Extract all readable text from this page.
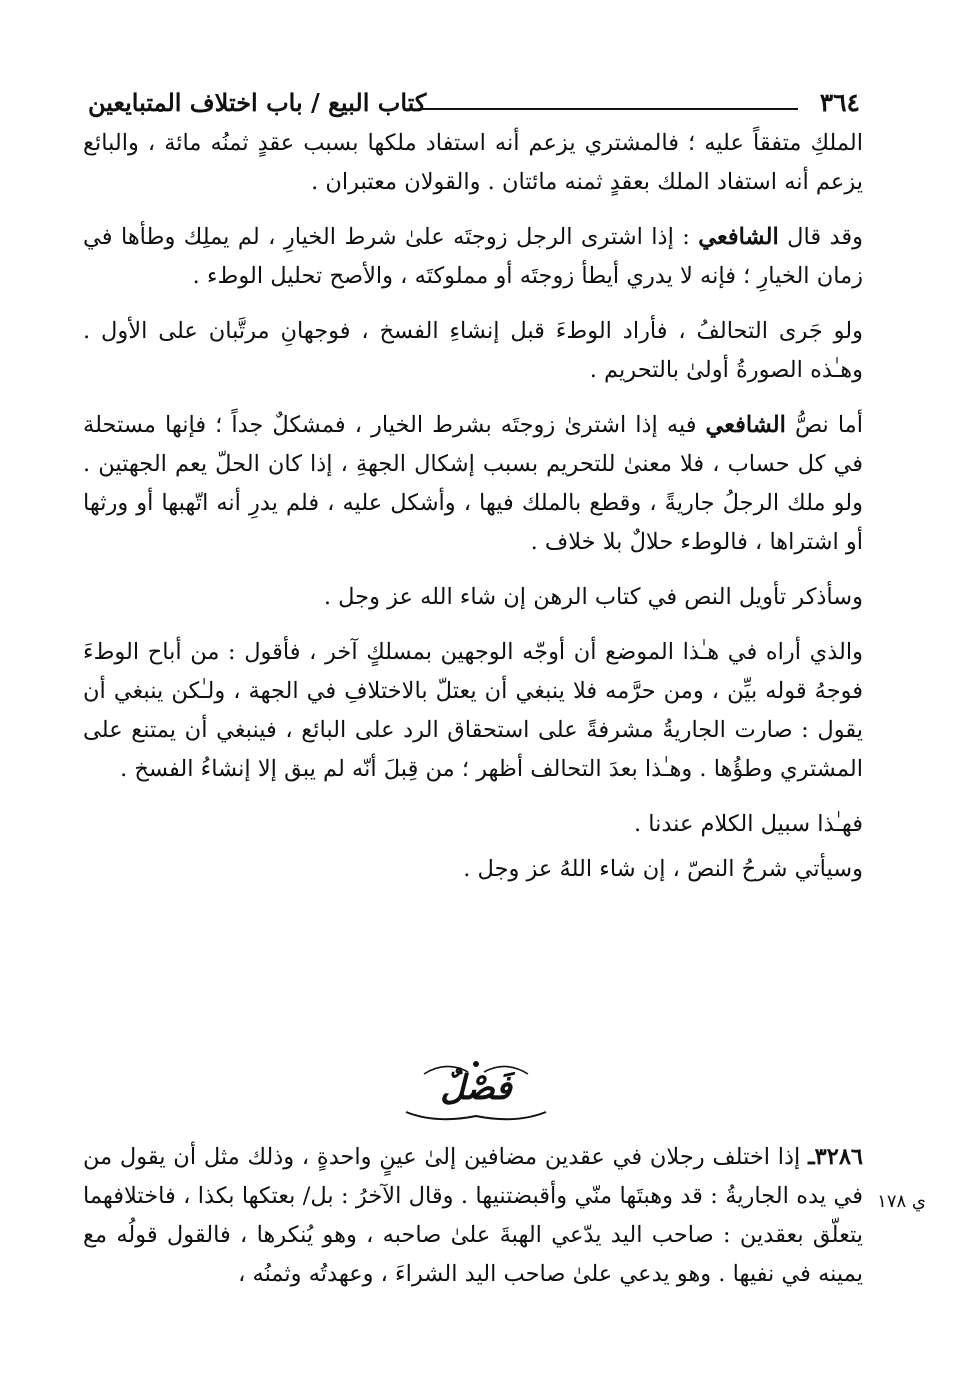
٣٦٤
كتاب البيع / باب اختلاف المتبايعين

الملكِ متفقاً عليه ؛ فالمشتري يزعم أنه استفاد ملكها بسبب عقدٍ ثمنُه مائة ، والبائع يزعم أنه استفاد الملك بعقدٍ ثمنه مائتان . والقولان معتبران .

وقد قال الشافعي : إذا اشترى الرجل زوجتَه علىٰ شرط الخيارِ ، لم يملِك وطأها في زمان الخيارِ ؛ فإنه لا يدري أيطأ زوجتَه أو مملوكتَه ، والأصح تحليل الوطء .

ولو جَرى التحالفُ ، فأراد الوطءَ قبل إنشاءِ الفسخ ، فوجهانِ مرتَّبان على الأول . وهـٰذه الصورةُ أولىٰ بالتحريم .

أما نصُّ الشافعي فيه إذا اشترىٰ زوجتَه بشرط الخيار ، فمشكلٌ جداً ؛ فإنها مستحلة في كل حساب ، فلا معنىٰ للتحريم بسبب إشكال الجهةِ ، إذا كان الحلّ يعم الجهتين . ولو ملك الرجلُ جاريةً ، وقطع بالملك فيها ، وأشكل عليه ، فلم يدرِ أنه اتّهبها أو ورثها أو اشتراها ، فالوطء حلالٌ بلا خلاف .

وسأذكر تأويل النص في كتاب الرهن إن شاء الله عز وجل .

والذي أراه في هـٰذا الموضع أن أوجّه الوجهين بمسلكٍ آخر ، فأقول : من أباح الوطءَ فوجهُ قوله بيِّن ، ومن حرَّمه فلا ينبغي أن يعتلّ بالاختلافِ في الجهة ، ولـٰكن ينبغي أن يقول : صارت الجاريةُ مشرفةً على استحقاق الرد على البائع ، فينبغي أن يمتنع على المشتري وطؤُها . وهـٰذا بعدَ التحالف أظهر ؛ من قِبلَ أنّه لم يبق إلا إنشاءُ الفسخ .

فهـٰذا سبيل الكلام عندنا .

وسيأتي شرحُ النصّ ، إن شاء اللهُ عز وجل .

فَصْلٌ

٣٢٨٦ـ إذا اختلف رجلان في عقدين مضافين إلىٰ عينٍ واحدةٍ ، وذلك مثل أن يقول من في يده الجاريةُ : قد وهبتَها منّي وأقبضتنيها . وقال الآخرُ : بل/ بعتكها بكذا ، فاختلافهما يتعلّق بعقدين : صاحب اليد يدّعي الهبةَ علىٰ صاحبه ، وهو يُنكرها ، فالقول قولُه مع يمينه في نفيها . وهو يدعي علىٰ صاحب اليد الشراءَ ، وعهدتُه وثمنُه ،

ي ١٧٨
